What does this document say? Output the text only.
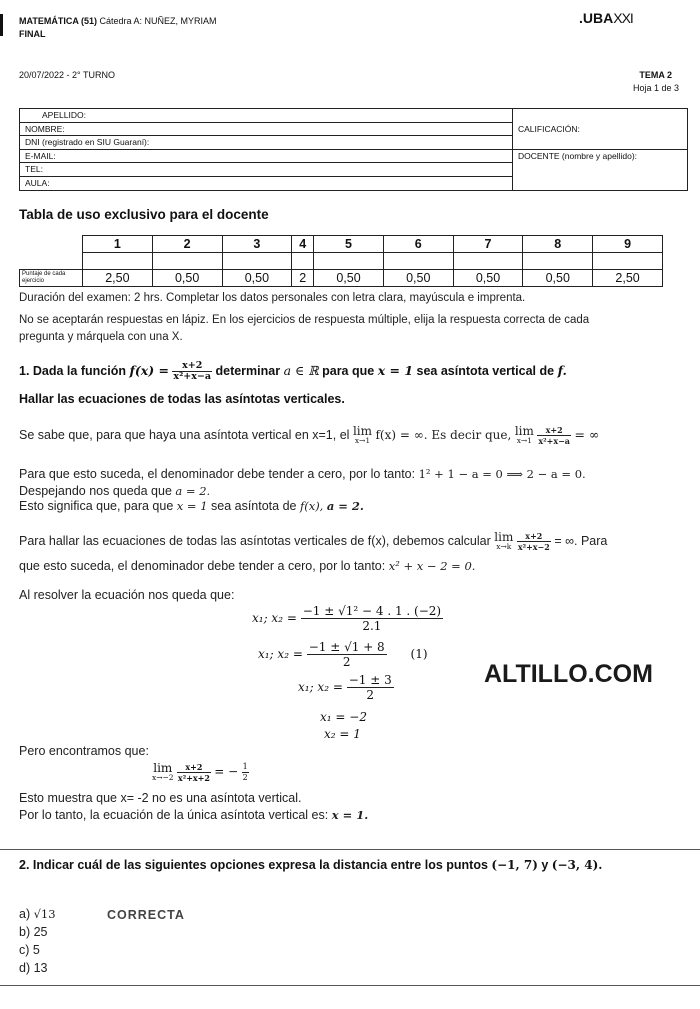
MATEMÁTICA (51) Cátedra A: NUÑEZ, MYRIAM
FINAL
.UBAXXI
20/07/2022 - 2° TURNO	TEMA 2
Hoja 1 de 3
APELLIDO:	CALIFICACIÓN:
NOMBRE:	
DNI (registrado en SIU Guaraní):	
E-MAIL:	DOCENTE (nombre y apellido):
TEL:	
AULA:	
Tabla de uso exclusivo para el docente
	1	2	3	4	5	6	7	8	9

Puntaje de cada ejercicio	2,50	0,50	0,50	2	0,50	0,50	0,50	0,50	2,50
Duración del examen: 2 hrs. Completar los datos personales con letra clara, mayúscula e imprenta.
No se aceptarán respuestas en lápiz. En los ejercicios de respuesta múltiple, elija la respuesta correcta de cada
pregunta y márquela con una X.
1. Dada la función $f(x) = \frac{x+2}{\text{x²+x−a}}$ determinar a ∈ ℝ para que x = 1 sea asíntota vertical de f.
Hallar las ecuaciones de todas las asíntotas verticales.
Se sabe que, para que haya una asíntota vertical en x=1, el lim
x→1 f(x) = ∞. Es decir que, lim
x→1
$\frac{x+2}{\text{x²+x−a}}$ = ∞
Para que esto suceda, el denominador debe tender a cero, por lo tanto: 1² + 1 − a = 0 ⟹ 2 − a = 0.
Despejando nos queda que a = 2.
Esto significa que, para que x = 1 sea asíntota de f(x), a = 2.
Para hallar las ecuaciones de todas las asíntotas verticales de f(x), debemos calcular lim
x→k
$\frac{x+2}{\text{x²+x−2}}$ = ∞. Para
que esto suceda, el denominador debe tender a cero, por lo tanto: x² + x − 2 = 0.
Al resolver la ecuación nos queda que:
x₁; $x_2 = \frac{\text{−1 ± √1² − 4 . 1 . (−2)}}{2.1}$
x₁; $x_2 = \frac{-1 \pm √1 + 8}{2} (1)$
x₁; $x_2 = \frac{-1 \pm 3}{2}$
x₁ = −2
x₂ = 1
ALTILLO.COM
Pero encontramos que:
lim
x→−2
$\frac{x+2}{\text{x²+x+2}}$ = − $\frac{1}{2}$
Esto muestra que x= -2 no es una asíntota vertical.
Por lo tanto, la ecuación de la única asíntota vertical es: x = 1.
2. Indicar cuál de las siguientes opciones expresa la distancia entre los puntos (−1, 7) y (−3, 4).
a) √13	CORRECTA
b) 25
c) 5
d) 13
